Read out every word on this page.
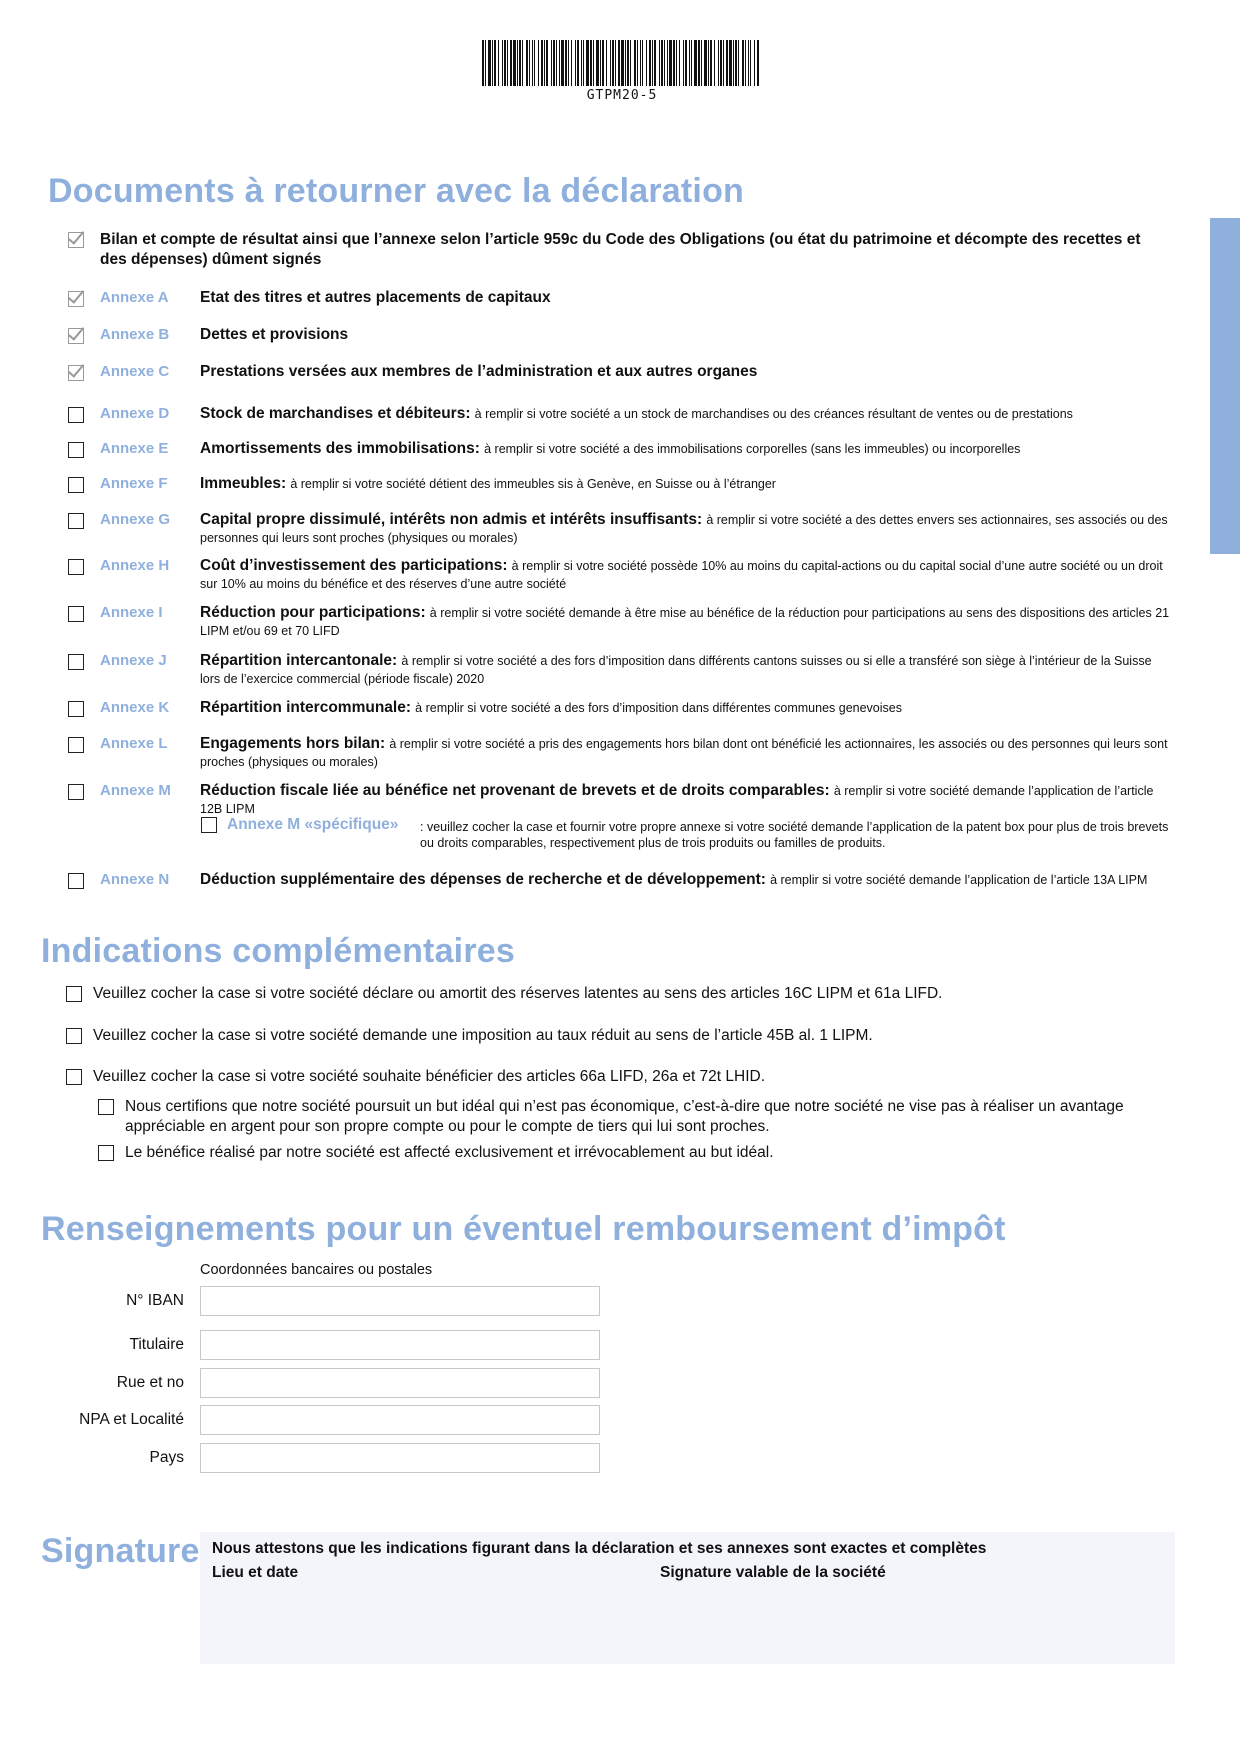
GTPM20-5
Documents à retourner avec la déclaration
Bilan et compte de résultat ainsi que l’annexe selon l’article 959c du Code des Obligations (ou état du patrimoine et décompte des recettes et des dépenses) dûment signés
Annexe A Etat des titres et autres placements de capitaux
Annexe B Dettes et provisions
Annexe C Prestations versées aux membres de l’administration et aux autres organes
Annexe D Stock de marchandises et débiteurs: à remplir si votre société a un stock de marchandises ou des créances résultant de ventes ou de prestations
Annexe E Amortissements des immobilisations: à remplir si votre société a des immobilisations corporelles (sans les immeubles) ou incorporelles
Annexe F Immeubles: à remplir si votre société détient des immeubles sis à Genève, en Suisse ou à l’étranger
Annexe G Capital propre dissimulé, intérêts non admis et intérêts insuffisants: à remplir si votre société a des dettes envers ses actionnaires, ses associés ou des personnes qui leurs sont proches (physiques ou morales)
Annexe H Coût d’investissement des participations: à remplir si votre société possède 10% au moins du capital-actions ou du capital social d’une autre société ou un droit sur 10% au moins du bénéfice et des réserves d’une autre société
Annexe I Réduction pour participations: à remplir si votre société demande à être mise au bénéfice de la réduction pour participations au sens des dispositions des articles 21 LIPM et/ou 69 et 70 LIFD
Annexe J Répartition intercantonale: à remplir si votre société a des fors d’imposition dans différents cantons suisses ou si elle a transféré son siège à l’intérieur de la Suisse lors de l’exercice commercial (période fiscale) 2020
Annexe K Répartition intercommunale: à remplir si votre société a des fors d’imposition dans différentes communes genevoises
Annexe L Engagements hors bilan: à remplir si votre société a pris des engagements hors bilan dont ont bénéficié les actionnaires, les associés ou des personnes qui leurs sont proches (physiques ou morales)
Annexe M Réduction fiscale liée au bénéfice net provenant de brevets et de droits comparables: à remplir si votre société demande l’application de l’article 12B LIPM
Annexe N Déduction supplémentaire des dépenses de recherche et de développement: à remplir si votre société demande l’application de l’article 13A LIPM
Annexe M «spécifique» : veuillez cocher la case et fournir votre propre annexe si votre société demande l’application de la patent box pour plus de trois brevets ou droits comparables, respectivement plus de trois produits ou familles de produits.
Indications complémentaires
Veuillez cocher la case si votre société déclare ou amortit des réserves latentes au sens des articles 16C LIPM et 61a LIFD.
Veuillez cocher la case si votre société demande une imposition au taux réduit au sens de l’article 45B al. 1 LIPM.
Veuillez cocher la case si votre société souhaite bénéficier des articles 66a LIFD, 26a et 72t LHID.
Nous certifions que notre société poursuit un but idéal qui n’est pas économique, c’est-à-dire que notre société ne vise pas à réaliser un avantage appréciable en argent pour son propre compte ou pour le compte de tiers qui lui sont proches.
Le bénéfice réalisé par notre société est affecté exclusivement et irrévocablement au but idéal.
Renseignements pour un éventuel remboursement d’impôt
Coordonnées bancaires ou postales
N° IBAN
Titulaire
Rue et no
NPA et Localité
Pays
Signature Nous attestons que les indications figurant dans la déclaration et ses annexes sont exactes et complètes
Lieu et date	Signature valable de la société
